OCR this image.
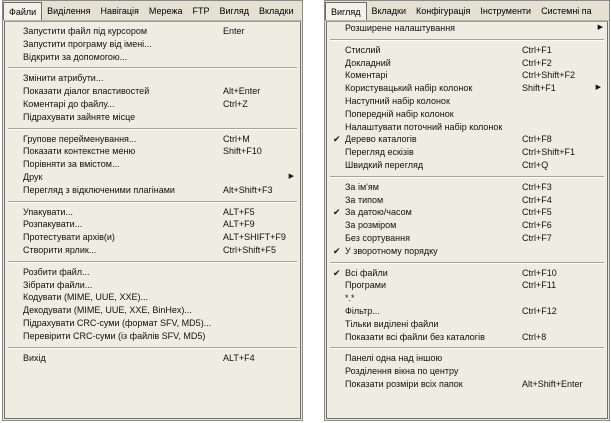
Файли	Виділення	Навігація	Мережа	FTP	Вигляд	Вкладки
Запустити файл під курсором	Enter
Запустити програму від імені...
Відкрити за допомогою...
Змінити атрибути...
Показати діалог властивостей	Alt+Enter
Коментарі до файлу...	Ctrl+Z
Підрахувати зайняте місце
Групове перейменування...	Ctrl+M
Показати контекстне меню	Shift+F10
Порівняти за вмістом...
Друк
▶
Перегляд з відключеними плагінами	Alt+Shift+F3
Упакувати...	ALT+F5
Розпакувати...	ALT+F9
Протестувати архів(и)	ALT+SHIFT+F9
Створити ярлик...	Ctrl+Shift+F5
Розбити файл...
Зібрати файли...
Кодувати (MIME, UUE, XXE)...
Декодувати (MIME, UUE, XXE, BinHex)...
Підрахувати CRC-суми (формат SFV, MD5)...
Перевірити CRC-суми (із файлів SFV, MD5)
Вихід	ALT+F4
Вигляд	Вкладки	Конфігурація	Інструменти	Системні па
Розширене налаштування
▶
Стислий	Ctrl+F1
Докладний	Ctrl+F2
Коментарі	Ctrl+Shift+F2
Користувацький набір колонок	Shift+F1
▶
Наступний набір колонок
Попередній набір колонок
Налаштувати поточний набір колонок
✔ Дерево каталогів	Ctrl+F8
Перегляд ескізів	Ctrl+Shift+F1
Швидкий перегляд	Ctrl+Q
За ім'ям	Ctrl+F3
За типом	Ctrl+F4
✔ За датою/часом	Ctrl+F5
За розміром	Ctrl+F6
Без сортування	Ctrl+F7
✔ У зворотному порядку
✔ Всі файли	Ctrl+F10
Програми	Ctrl+F11
*.*
Фільтр...	Ctrl+F12
Тільки виділені файли
Показати всі файли без каталогів	Ctrl+8
Панелі одна над іншою
Розділення вікна по центру
Показати розміри всіх папок	Alt+Shift+Enter
